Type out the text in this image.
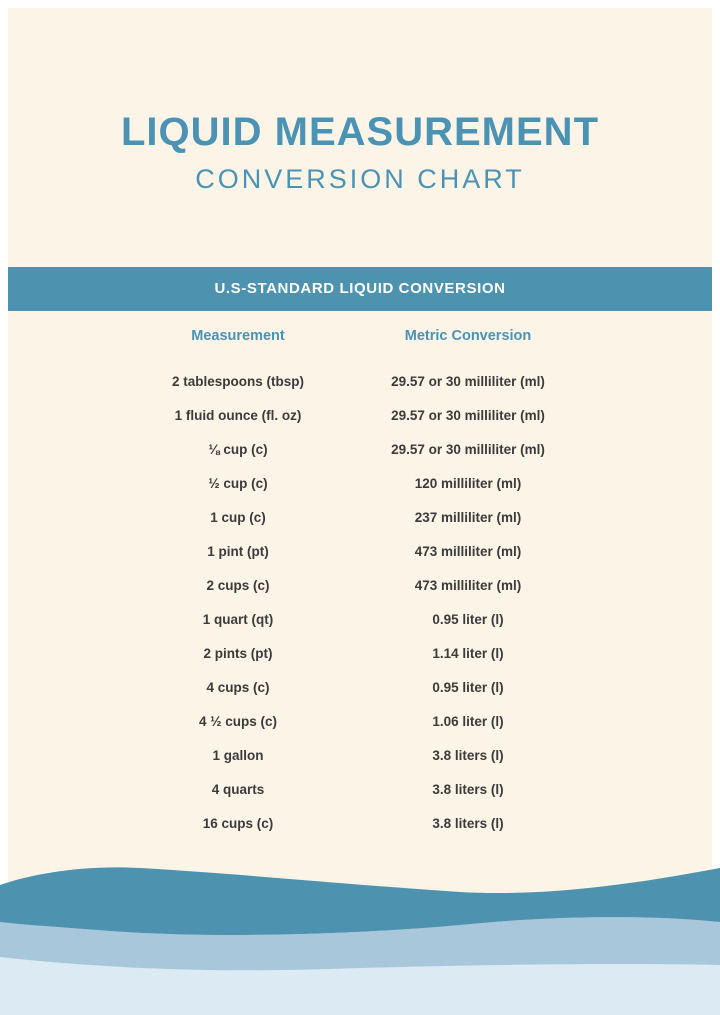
LIQUID MEASUREMENT
CONVERSION CHART
U.S-STANDARD LIQUID CONVERSION
Measurement	Metric Conversion
2 tablespoons (tbsp)	29.57 or 30 milliliter (ml)
1 fluid ounce (fl. oz)	29.57 or 30 milliliter (ml)
⅛ cup (c)	29.57 or 30 milliliter (ml)
½ cup (c)	120 milliliter (ml)
1 cup (c)	237 milliliter (ml)
1 pint (pt)	473 milliliter (ml)
2 cups (c)	473 milliliter (ml)
1 quart (qt)	0.95 liter (l)
2 pints (pt)	1.14 liter (l)
4 cups (c)	0.95 liter (l)
4 ½ cups (c)	1.06 liter (l)
1 gallon	3.8 liters (l)
4 quarts	3.8 liters (l)
16 cups (c)	3.8 liters (l)
